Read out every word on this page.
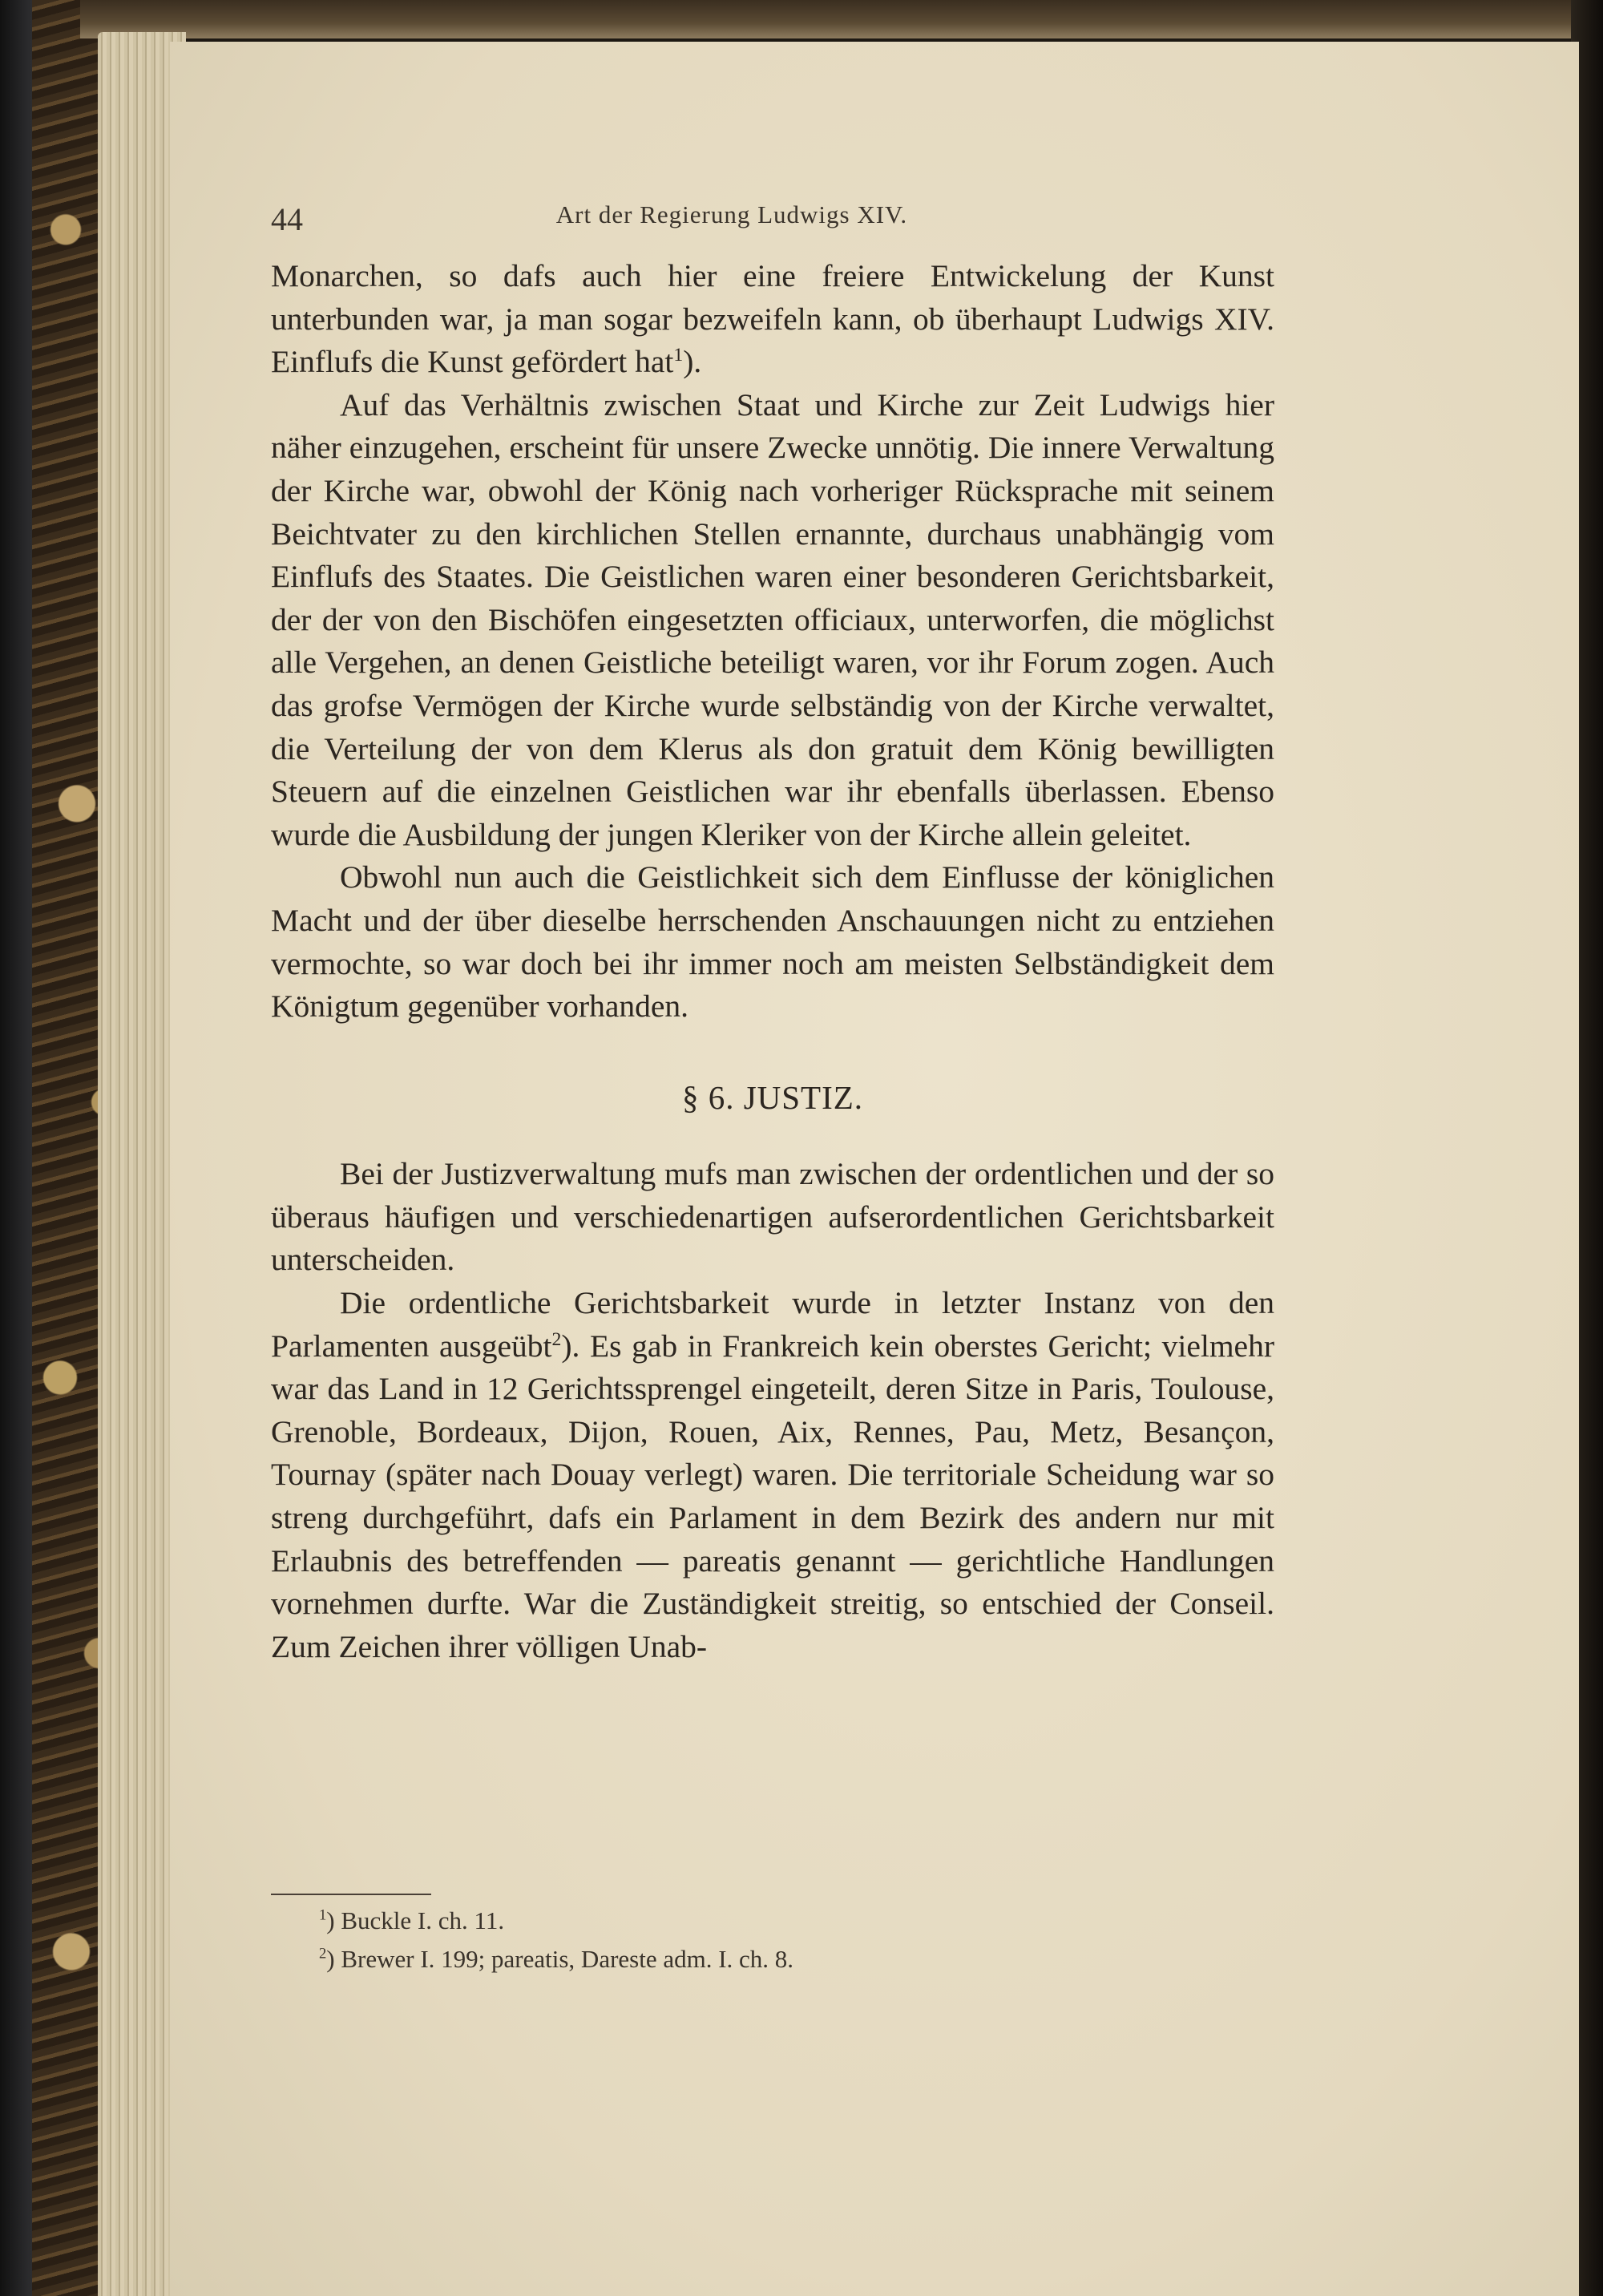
44	Art der Regierung Ludwigs XIV.

Monarchen, so dafs auch hier eine freiere Entwickelung der Kunst unterbunden war, ja man sogar bezweifeln kann, ob überhaupt Ludwigs XIV. Einflufs die Kunst gefördert hat$^1$).

Auf das Verhältnis zwischen Staat und Kirche zur Zeit Ludwigs hier näher einzugehen, erscheint für unsere Zwecke unnötig. Die innere Verwaltung der Kirche war, obwohl der König nach vorheriger Rücksprache mit seinem Beichtvater zu den kirchlichen Stellen ernannte, durchaus unabhängig vom Einflufs des Staates. Die Geistlichen waren einer besonderen Gerichtsbarkeit, der der von den Bischöfen eingesetzten officiaux, unterworfen, die möglichst alle Vergehen, an denen Geistliche beteiligt waren, vor ihr Forum zogen. Auch das grofse Vermögen der Kirche wurde selbständig von der Kirche verwaltet, die Verteilung der von dem Klerus als don gratuit dem König bewilligten Steuern auf die einzelnen Geistlichen war ihr ebenfalls überlassen. Ebenso wurde die Ausbildung der jungen Kleriker von der Kirche allein geleitet.

Obwohl nun auch die Geistlichkeit sich dem Einflusse der königlichen Macht und der über dieselbe herrschenden Anschauungen nicht zu entziehen vermochte, so war doch bei ihr immer noch am meisten Selbständigkeit dem Königtum gegenüber vorhanden.

§ 6. JUSTIZ.

Bei der Justizverwaltung mufs man zwischen der ordentlichen und der so überaus häufigen und verschiedenartigen aufserordentlichen Gerichtsbarkeit unterscheiden.

Die ordentliche Gerichtsbarkeit wurde in letzter Instanz von den Parlamenten ausgeübt$^2$). Es gab in Frankreich kein oberstes Gericht; vielmehr war das Land in 12 Gerichtssprengel eingeteilt, deren Sitze in Paris, Toulouse, Grenoble, Bordeaux, Dijon, Rouen, Aix, Rennes, Pau, Metz, Besançon, Tournay (später nach Douay verlegt) waren. Die territoriale Scheidung war so streng durchgeführt, dafs ein Parlament in dem Bezirk des andern nur mit Erlaubnis des betreffenden — pareatis genannt — gerichtliche Handlungen vornehmen durfte. War die Zuständigkeit streitig, so entschied der Conseil. Zum Zeichen ihrer völligen Unab-

$^1$) Buckle I. ch. 11.
$^2$) Brewer I. 199; pareatis, Dareste adm. I. ch. 8.
